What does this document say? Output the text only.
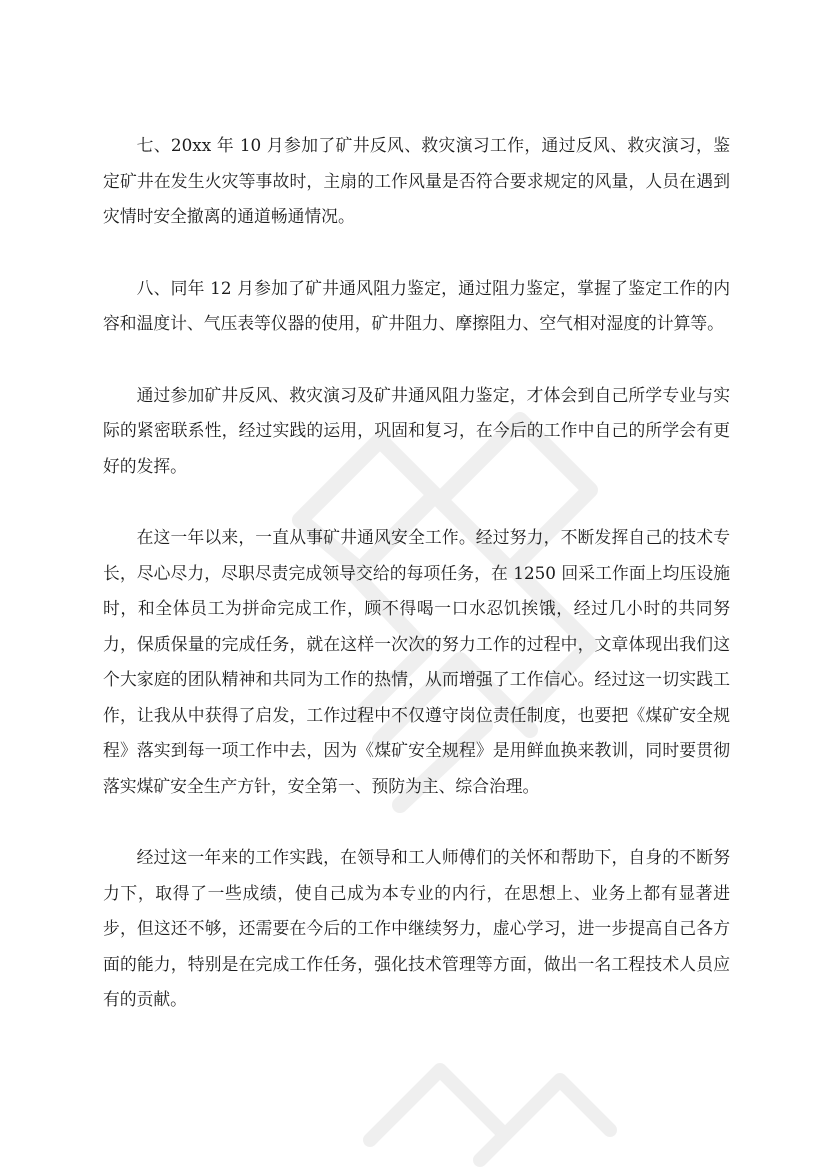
七、20xx 年 10 月参加了矿井反风、救灾演习工作，通过反风、救灾演习，鉴定矿井在发生火灾等事故时，主扇的工作风量是否符合要求规定的风量，人员在遇到灾情时安全撤离的通道畅通情况。

八、同年 12 月参加了矿井通风阻力鉴定，通过阻力鉴定，掌握了鉴定工作的内容和温度计、气压表等仪器的使用，矿井阻力、摩擦阻力、空气相对湿度的计算等。

通过参加矿井反风、救灾演习及矿井通风阻力鉴定，才体会到自己所学专业与实际的紧密联系性，经过实践的运用，巩固和复习，在今后的工作中自己的所学会有更好的发挥。

在这一年以来，一直从事矿井通风安全工作。经过努力，不断发挥自己的技术专长，尽心尽力，尽职尽责完成领导交给的每项任务，在 1250 回采工作面上均压设施时，和全体员工为拼命完成工作，顾不得喝一口水忍饥挨饿，经过几小时的共同努力，保质保量的完成任务，就在这样一次次的努力工作的过程中，文章体现出我们这个大家庭的团队精神和共同为工作的热情，从而增强了工作信心。经过这一切实践工作，让我从中获得了启发，工作过程中不仅遵守岗位责任制度，也要把《煤矿安全规程》落实到每一项工作中去，因为《煤矿安全规程》是用鲜血换来教训，同时要贯彻落实煤矿安全生产方针，安全第一、预防为主、综合治理。

经过这一年来的工作实践，在领导和工人师傅们的关怀和帮助下，自身的不断努力下，取得了一些成绩，使自己成为本专业的内行，在思想上、业务上都有显著进步，但这还不够，还需要在今后的工作中继续努力，虚心学习，进一步提高自己各方面的能力，特别是在完成工作任务，强化技术管理等方面，做出一名工程技术人员应有的贡献。
